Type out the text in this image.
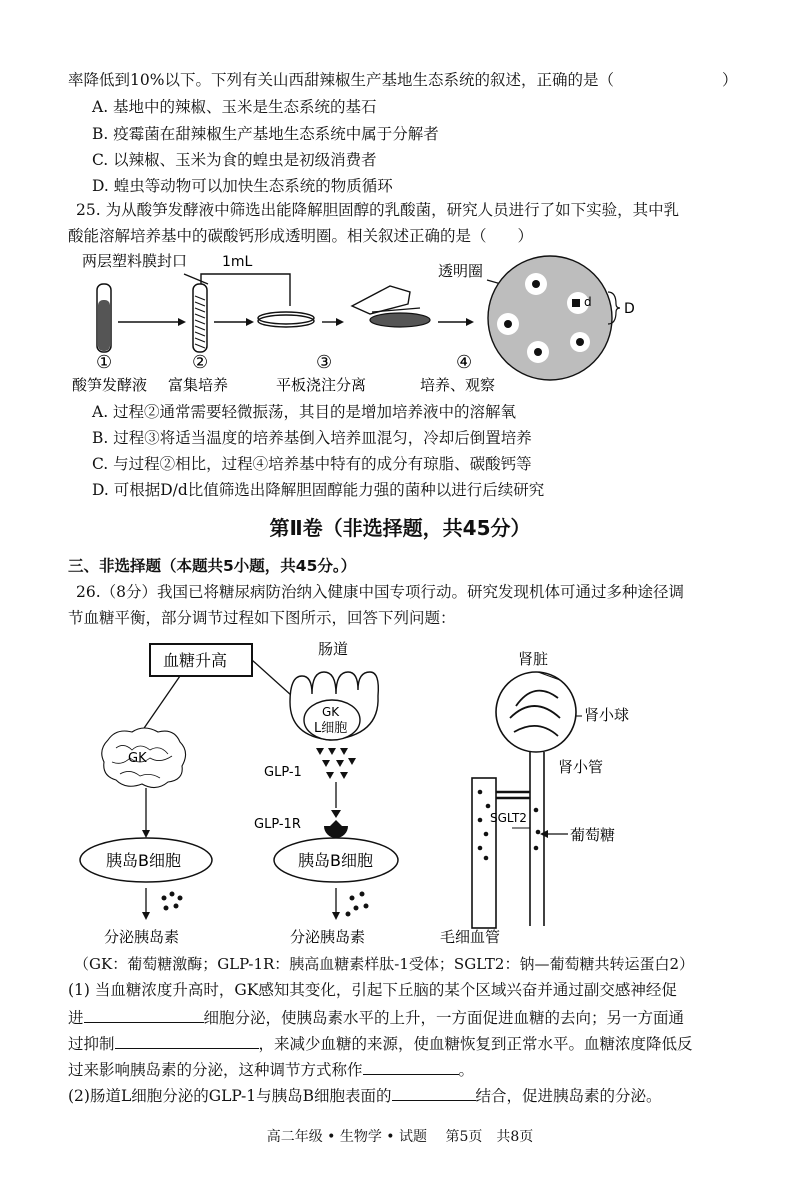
率降低到10%以下。下列有关山西甜辣椒生产基地生态系统的叙述，正确的是（	）
A. 基地中的辣椒、玉米是生态系统的基石
B. 疫霉菌在甜辣椒生产基地生态系统中属于分解者
C. 以辣椒、玉米为食的蝗虫是初级消费者
D. 蝗虫等动物可以加快生态系统的物质循环
25. 为从酸笋发酵液中筛选出能降解胆固醇的乳酸菌，研究人员进行了如下实验，其中乳
酸能溶解培养基中的碳酸钙形成透明圈。相关叙述正确的是（　　）
两层塑料膜封口 1mL	透明圈
d D
①	②	③	④
酸笋发酵液 富集培养	平板浇注分离	培养、观察
A. 过程②通常需要轻微振荡，其目的是增加培养液中的溶解氧
B. 过程③将适当温度的培养基倒入培养皿混匀，冷却后倒置培养
C. 与过程②相比，过程④培养基中特有的成分有琼脂、碳酸钙等
D. 可根据D/d比值筛选出降解胆固醇能力强的菌种以进行后续研究
第Ⅱ卷（非选择题，共45分）
三、非选择题（本题共5小题，共45分。）
26.（8分）我国已将糖尿病防治纳入健康中国专项行动。研究发现机体可通过多种途径调
节血糖平衡，部分调节过程如下图所示，回答下列问题：
血糖升高
GK
胰岛B细胞
分泌胰岛素
肠道
GK
L细胞
GLP-1
GLP-1R
胰岛B细胞
分泌胰岛素
肾脏
肾小球
肾小管
SGLT2
葡萄糖
毛细血管
（GK：葡萄糖激酶；GLP-1R：胰高血糖素样肽-1受体；SGLT2：钠—葡萄糖共转运蛋白2）
(1) 当血糖浓度升高时，GK感知其变化，引起下丘脑的某个区域兴奋并通过副交感神经促
进	细胞分泌，使胰岛素水平的上升，一方面促进血糖的去向；另一方面通
过抑制	，来减少血糖的来源，使血糖恢复到正常水平。血糖浓度降低反
过来影响胰岛素的分泌，这种调节方式称作	。
(2)肠道L细胞分泌的GLP-1与胰岛B细胞表面的	结合，促进胰岛素的分泌。
高二年级 • 生物学 • 试题　 第5页　共8页
